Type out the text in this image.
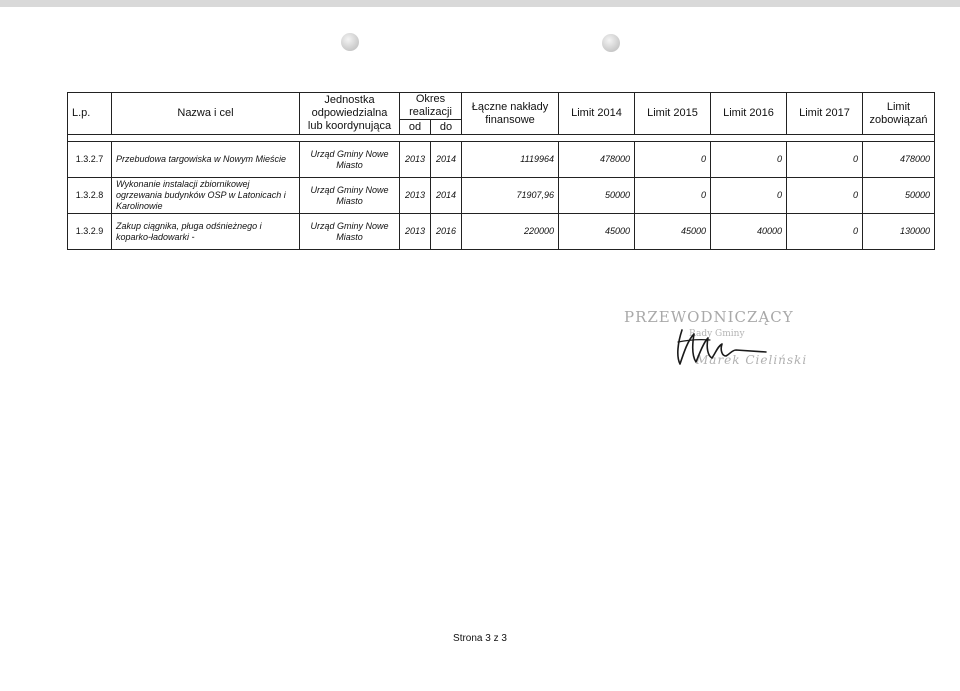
L.p.	Nazwa i cel	Jednostka odpowiedzialna lub koordynująca	Okres realizacji		Łączne nakłady finansowe	Limit 2014	Limit 2015	Limit 2016	Limit 2017	Limit zobowiązań
			od	do						

1.3.2.7	Przebudowa targowiska w Nowym Mieście	Urząd Gminy Nowe Miasto	2013	2014	1119964	478000	0	0	0	478000
1.3.2.8	Wykonanie instalacji zbiornikowej ogrzewania budynków OSP w Latonicach i Karolinowie	Urząd Gminy Nowe Miasto	2013	2014	71907,96	50000	0	0	0	50000
1.3.2.9	Zakup ciągnika, pługa odśnieżnego i koparko-ładowarki -	Urząd Gminy Nowe Miasto	2013	2016	220000	45000	45000	40000	0	130000
PRZEWODNICZĄCY
Rady Gminy
Marek Cieliński
Strona 3 z 3
